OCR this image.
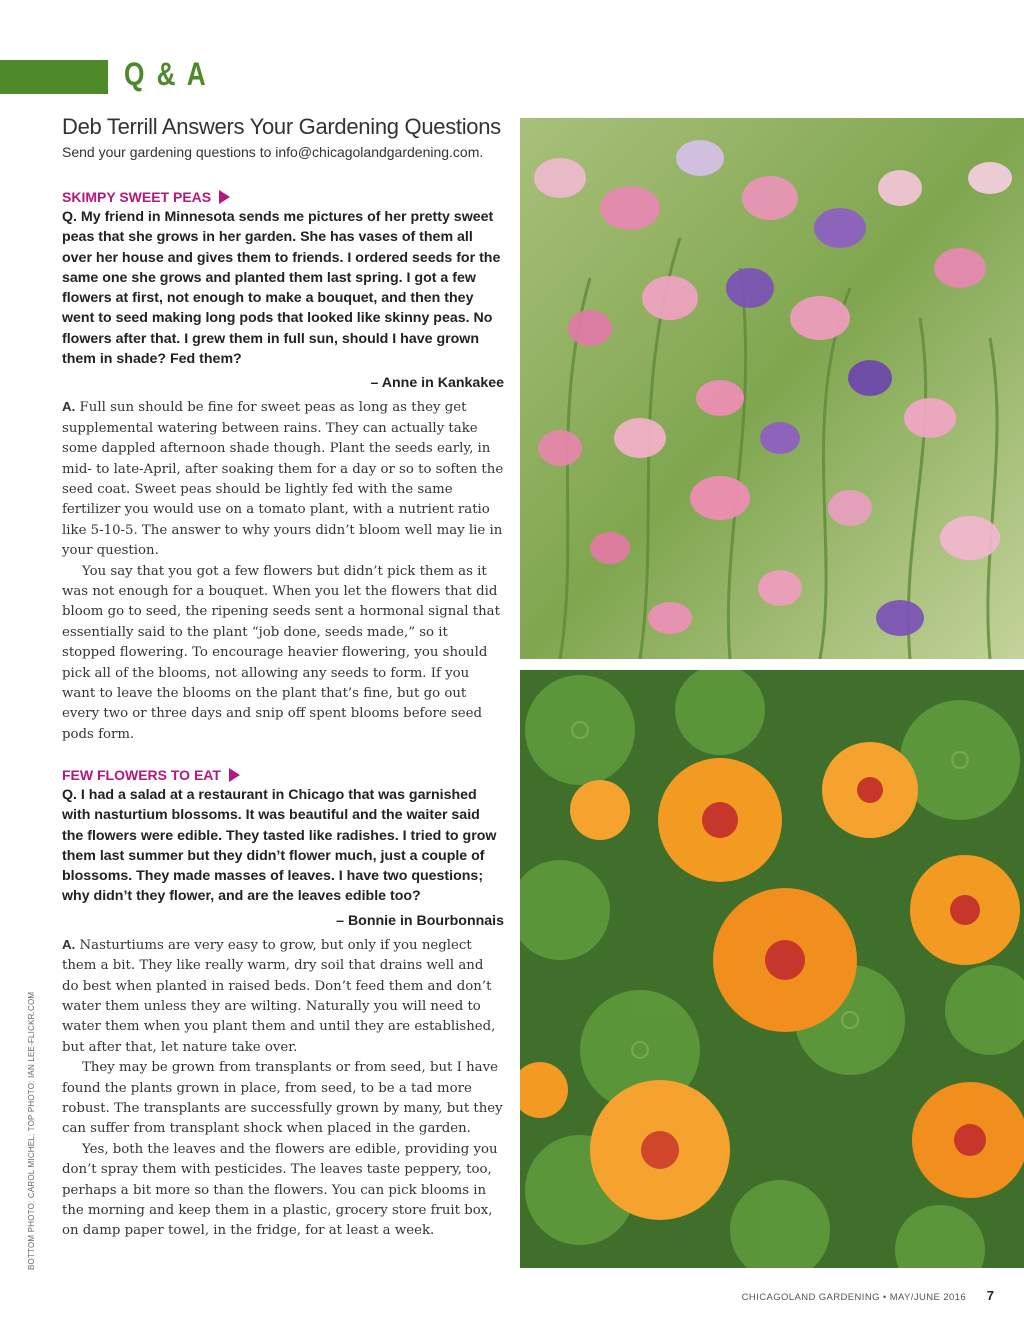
Q & A
Deb Terrill Answers Your Gardening Questions
Send your gardening questions to info@chicagolandgardening.com.
SKIMPY SWEET PEAS

Q. My friend in Minnesota sends me pictures of her pretty sweet peas that she grows in her garden. She has vases of them all over her house and gives them to friends. I ordered seeds for the same one she grows and planted them last spring. I got a few flowers at first, not enough to make a bouquet, and then they went to seed making long pods that looked like skinny peas. No flowers after that. I grew them in full sun, should I have grown them in shade? Fed them?

– Anne in Kankakee

A. Full sun should be fine for sweet peas as long as they get supplemental watering between rains. They can actually take some dappled afternoon shade though. Plant the seeds early, in mid- to late-April, after soaking them for a day or so to soften the seed coat. Sweet peas should be lightly fed with the same fertilizer you would use on a tomato plant, with a nutrient ratio like 5-10-5. The answer to why yours didn’t bloom well may lie in your question.

You say that you got a few flowers but didn’t pick them as it was not enough for a bouquet. When you let the flowers that did bloom go to seed, the ripening seeds sent a hormonal signal that essentially said to the plant “job done, seeds made,” so it stopped flowering. To encourage heavier flowering, you should pick all of the blooms, not allowing any seeds to form. If you want to leave the blooms on the plant that’s fine, but go out every two or three days and snip off spent blooms before seed pods form.

FEW FLOWERS TO EAT

Q. I had a salad at a restaurant in Chicago that was garnished with nasturtium blossoms. It was beautiful and the waiter said the flowers were edible. They tasted like radishes. I tried to grow them last summer but they didn’t flower much, just a couple of blossoms. They made masses of leaves. I have two questions; why didn’t they flower, and are the leaves edible too?

– Bonnie in Bourbonnais

A. Nasturtiums are very easy to grow, but only if you neglect them a bit. They like really warm, dry soil that drains well and do best when planted in raised beds. Don’t feed them and don’t water them unless they are wilting. Naturally you will need to water them when you plant them and until they are established, but after that, let nature take over.

They may be grown from transplants or from seed, but I have found the plants grown in place, from seed, to be a tad more robust. The transplants are successfully grown by many, but they can suffer from transplant shock when placed in the garden.

Yes, both the leaves and the flowers are edible, providing you don’t spray them with pesticides. The leaves taste peppery, too, perhaps a bit more so than the flowers. You can pick blooms in the morning and keep them in a plastic, grocery store fruit box, on damp paper towel, in the fridge, for at least a week.

BOTTOM PHOTO: CAROL MICHEL; TOP PHOTO: IAN LEE-FLICKR.COM
CHICAGOLAND GARDENING • MAY/JUNE 2016 7
